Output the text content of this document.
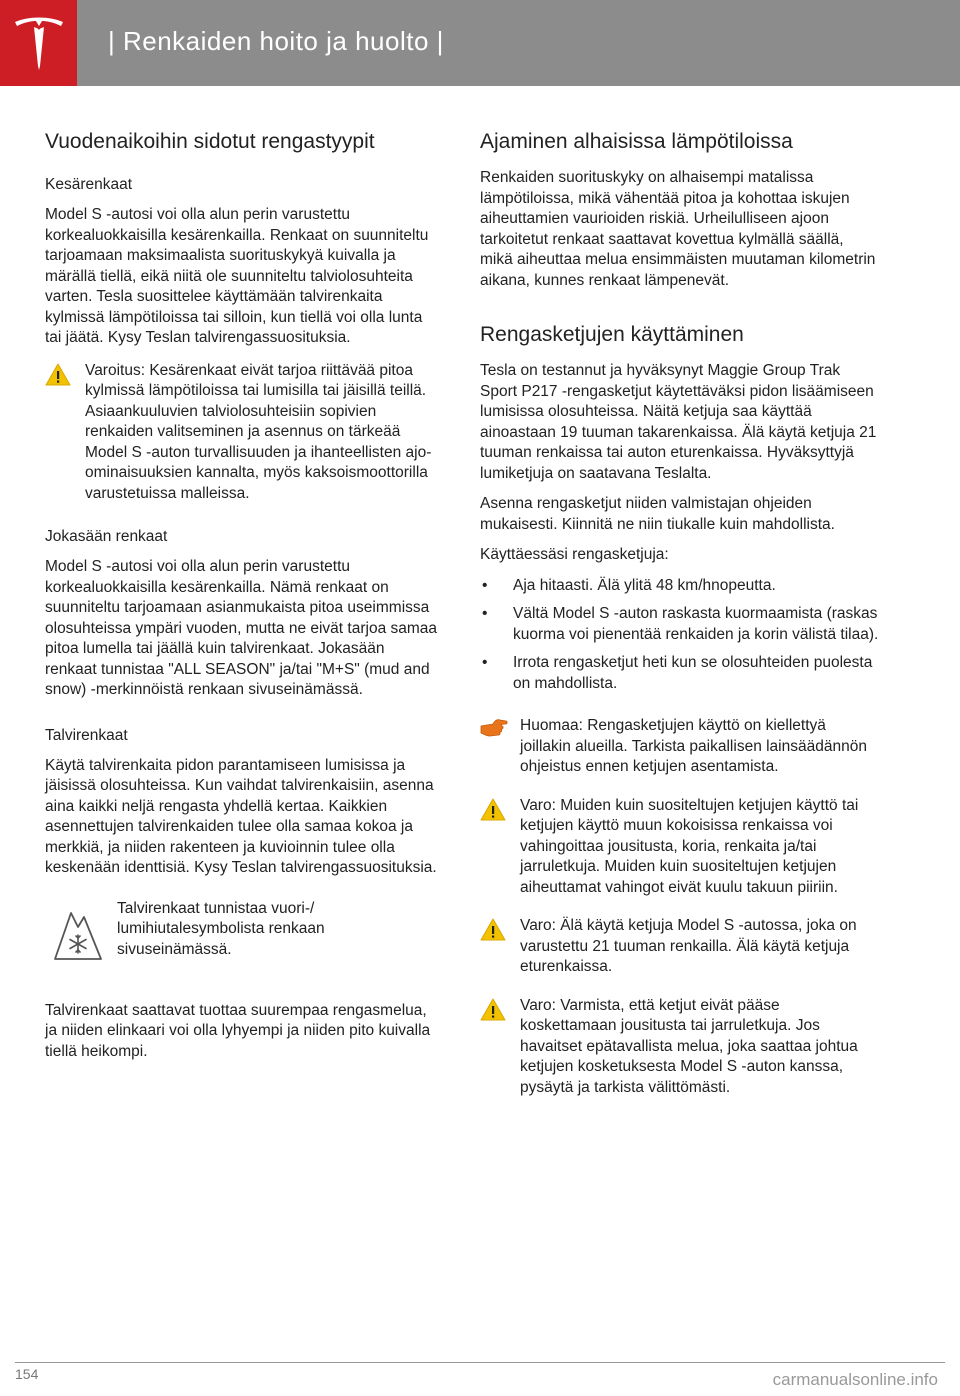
| Renkaiden hoito ja huolto |
Vuodenaikoihin sidotut rengastyypit
Kesärenkaat

Model S -autosi voi olla alun perin varustettu korkealuokkaisilla kesärenkailla. Renkaat on suunniteltu tarjoamaan maksimaalista suorituskykyä kuivalla ja märällä tiellä, eikä niitä ole suunniteltu talviolosuhteita varten. Tesla suosittelee käyttämään talvirenkaita kylmissä lämpötiloissa tai silloin, kun tiellä voi olla lunta tai jäätä. Kysy Teslan talvirengassuosituksia.

Varoitus: Kesärenkaat eivät tarjoa riittävää pitoa kylmissä lämpötiloissa tai lumisilla tai jäisillä teillä. Asiaankuuluvien talviolosuhteisiin sopivien renkaiden valitseminen ja asennus on tärkeää Model S -auton turvallisuuden ja ihanteellisten ajo-ominaisuuksien kannalta, myös kaksoismoottorilla varustetuissa malleissa.
Jokasään renkaat

Model S -autosi voi olla alun perin varustettu korkealuokkaisilla kesärenkailla. Nämä renkaat on suunniteltu tarjoamaan asianmukaista pitoa useimmissa olosuhteissa ympäri vuoden, mutta ne eivät tarjoa samaa pitoa lumella tai jäällä kuin talvirenkaat. Jokasään renkaat tunnistaa "ALL SEASON" ja/tai "M+S" (mud and snow) -merkinnöistä renkaan sivuseinämässä.

Talvirenkaat

Käytä talvirenkaita pidon parantamiseen lumisissa ja jäisissä olosuhteissa. Kun vaihdat talvirenkaisiin, asenna aina kaikki neljä rengasta yhdellä kertaa. Kaikkien asennettujen talvirenkaiden tulee olla samaa kokoa ja merkkiä, ja niiden rakenteen ja kuvioinnin tulee olla keskenään identtisiä. Kysy Teslan talvirengassuosituksia.

Talvirenkaat tunnistaa vuori-/ lumihiutalesymbolista renkaan sivuseinämässä.

Talvirenkaat saattavat tuottaa suurempaa rengasmelua, ja niiden elinkaari voi olla lyhyempi ja niiden pito kuivalla tiellä heikompi.

Ajaminen alhaisissa lämpötiloissa

Renkaiden suorituskyky on alhaisempi matalissa lämpötiloissa, mikä vähentää pitoa ja kohottaa iskujen aiheuttamien vaurioiden riskiä. Urheilulliseen ajoon tarkoitetut renkaat saattavat kovettua kylmällä säällä, mikä aiheuttaa melua ensimmäisten muutaman kilometrin aikana, kunnes renkaat lämpenevät.

Rengasketjujen käyttäminen

Tesla on testannut ja hyväksynyt Maggie Group Trak Sport P217 -rengasketjut käytettäväksi pidon lisäämiseen lumisissa olosuhteissa. Näitä ketjuja saa käyttää ainoastaan 19 tuuman takarenkaissa. Älä käytä ketjuja 21 tuuman renkaissa tai auton eturenkaissa. Hyväksyttyjä lumiketjuja on saatavana Teslalta.

Asenna rengasketjut niiden valmistajan ohjeiden mukaisesti. Kiinnitä ne niin tiukalle kuin mahdollista.

Käyttäessäsi rengasketjuja:

• Aja hitaasti. Älä ylitä 48 km/hnopeutta.
• Vältä Model S -auton raskasta kuormaamista (raskas kuorma voi pienentää renkaiden ja korin välistä tilaa).
• Irrota rengasketjut heti kun se olosuhteiden puolesta on mahdollista.
Huomaa: Rengasketjujen käyttö on kiellettyä joillakin alueilla. Tarkista paikallisen lainsäädännön ohjeistus ennen ketjujen asentamista.
Varo: Muiden kuin suositeltujen ketjujen käyttö tai ketjujen käyttö muun kokoisissa renkaissa voi vahingoittaa jousitusta, koria, renkaita ja/tai jarruletkuja. Muiden kuin suositeltujen ketjujen aiheuttamat vahingot eivät kuulu takuun piiriin.
Varo: Älä käytä ketjuja Model S -autossa, joka on varustettu 21 tuuman renkailla. Älä käytä ketjuja eturenkaissa.
Varo: Varmista, että ketjut eivät pääse koskettamaan jousitusta tai jarruletkuja. Jos havaitset epätavallista melua, joka saattaa johtua ketjujen kosketuksesta Model S -auton kanssa, pysäytä ja tarkista välittömästi.
154	carmanualsonline.info
